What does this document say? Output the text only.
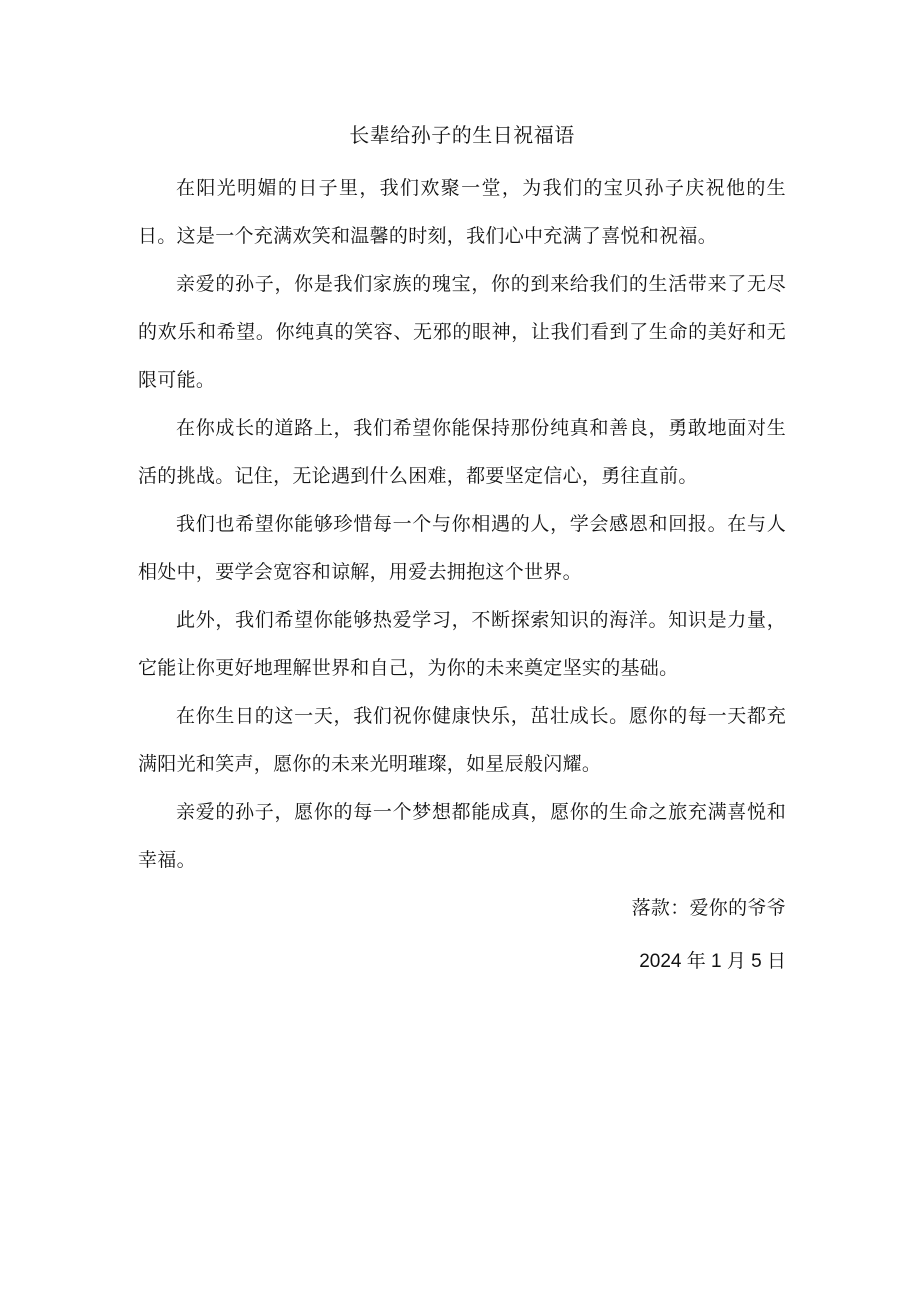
长辈给孙子的生日祝福语

在阳光明媚的日子里，我们欢聚一堂，为我们的宝贝孙子庆祝他的生日。这是一个充满欢笑和温馨的时刻，我们心中充满了喜悦和祝福。

亲爱的孙子，你是我们家族的瑰宝，你的到来给我们的生活带来了无尽的欢乐和希望。你纯真的笑容、无邪的眼神，让我们看到了生命的美好和无限可能。

在你成长的道路上，我们希望你能保持那份纯真和善良，勇敢地面对生活的挑战。记住，无论遇到什么困难，都要坚定信心，勇往直前。

我们也希望你能够珍惜每一个与你相遇的人，学会感恩和回报。在与人相处中，要学会宽容和谅解，用爱去拥抱这个世界。

此外，我们希望你能够热爱学习，不断探索知识的海洋。知识是力量，它能让你更好地理解世界和自己，为你的未来奠定坚实的基础。

在你生日的这一天，我们祝你健康快乐，茁壮成长。愿你的每一天都充满阳光和笑声，愿你的未来光明璀璨，如星辰般闪耀。

亲爱的孙子，愿你的每一个梦想都能成真，愿你的生命之旅充满喜悦和幸福。

落款：爱你的爷爷

2024 年 1 月 5 日
